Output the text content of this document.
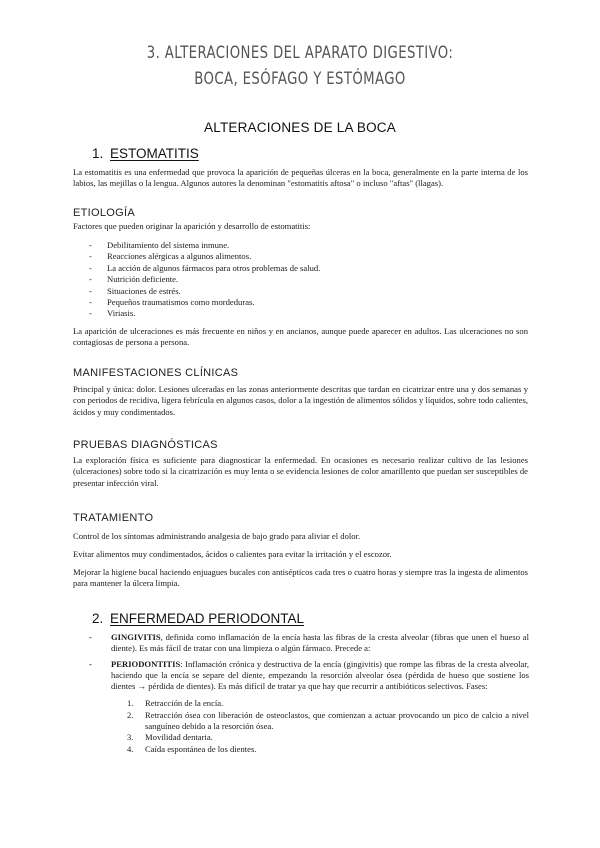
3. ALTERACIONES DEL APARATO DIGESTIVO:
BOCA, ESÓFAGO Y ESTÓMAGO
ALTERACIONES DE LA BOCA
1. ESTOMATITIS
La estomatitis es una enfermedad que provoca la aparición de pequeñas úlceras en la boca, generalmente en la parte interna de los labios, las mejillas o la lengua. Algunos autores la denominan "estomatitis aftosa" o incluso "aftas" (llagas).
ETIOLOGÍA
Factores que pueden originar la aparición y desarrollo de estomatitis:
- Debilitamiento del sistema inmune.
- Reacciones alérgicas a algunos alimentos.
- La acción de algunos fármacos para otros problemas de salud.
- Nutrición deficiente.
- Situaciones de estrés.
- Pequeños traumatismos como mordeduras.
- Viriasis.
La aparición de ulceraciones es más frecuente en niños y en ancianos, aunque puede aparecer en adultos. Las ulceraciones no son contagiosas de persona a persona.
MANIFESTACIONES CLÍNICAS
Principal y única: dolor. Lesiones ulceradas en las zonas anteriormente descritas que tardan en cicatrizar entre una y dos semanas y con periodos de recidiva, ligera febrícula en algunos casos, dolor a la ingestión de alimentos sólidos y líquidos, sobre todo calientes, ácidos y muy condimentados.
PRUEBAS DIAGNÓSTICAS
La exploración física es suficiente para diagnosticar la enfermedad. En ocasiones es necesario realizar cultivo de las lesiones (ulceraciones) sobre todo si la cicatrización es muy lenta o se evidencia lesiones de color amarillento que puedan ser susceptibles de presentar infección viral.
TRATAMIENTO
Control de los síntomas administrando analgesia de bajo grado para aliviar el dolor.
Evitar alimentos muy condimentados, ácidos o calientes para evitar la irritación y el escozor.
Mejorar la higiene bucal haciendo enjuagues bucales con antisépticos cada tres o cuatro horas y siempre tras la ingesta de alimentos para mantener la úlcera limpia.
2. ENFERMEDAD PERIODONTAL
- GINGIVITIS, definida como inflamación de la encía hasta las fibras de la cresta alveolar (fibras que unen el hueso al diente). Es más fácil de tratar con una limpieza o algún fármaco. Precede a:
- PERIODONTITIS: Inflamación crónica y destructiva de la encía (gingivitis) que rompe las fibras de la cresta alveolar, haciendo que la encía se separe del diente, empezando la resorción alveolar ósea (pérdida de hueso que sostiene los dientes → pérdida de dientes). Es más difícil de tratar ya que hay que recurrir a antibióticos selectivos. Fases:
1. Retracción de la encía.
2. Retracción ósea con liberación de osteoclastos, que comienzan a actuar provocando un pico de calcio a nivel sanguíneo debido a la resorción ósea.
3. Movilidad dentaria.
4. Caída espontánea de los dientes.
